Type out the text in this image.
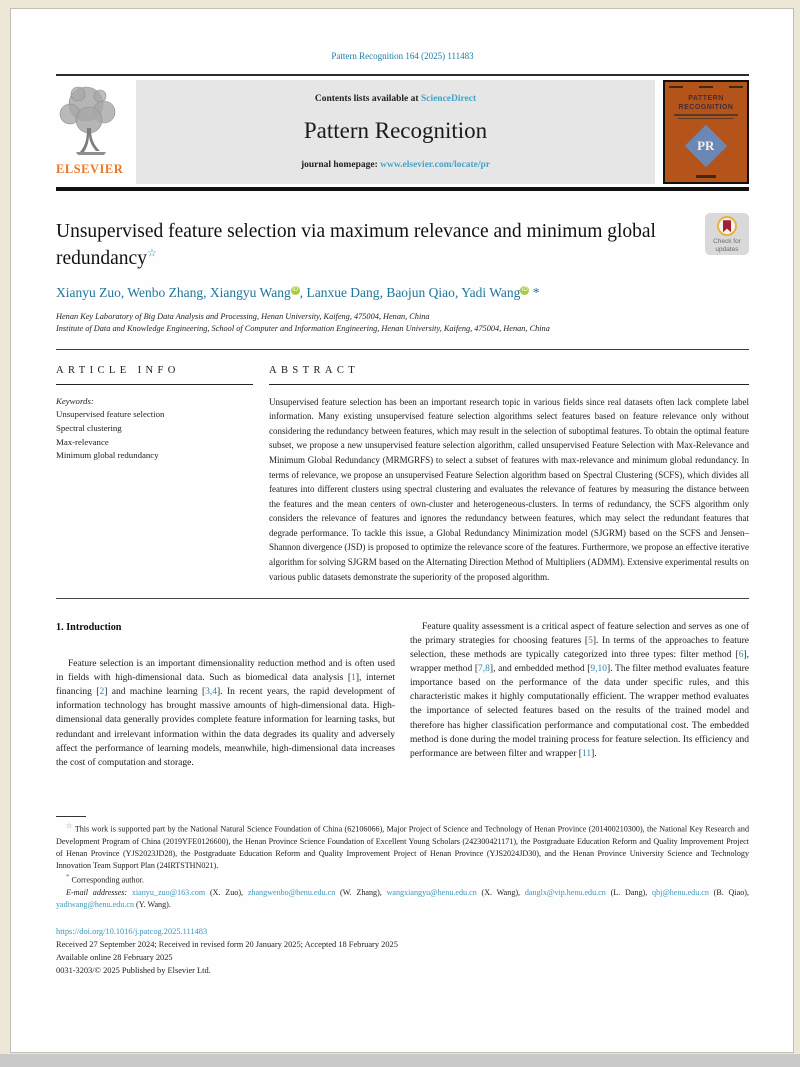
Pattern Recognition 164 (2025) 111483
ELSEVIER
Contents lists available at ScienceDirect
Pattern Recognition
journal homepage: www.elsevier.com/locate/pr
PATTERN RECOGNITION
PR
Unsupervised feature selection via maximum relevance and minimum global redundancy☆
Check for updates
Xianyu Zuo, Wenbo Zhang, Xiangyu Wang iD , Lanxue Dang, Baojun Qiao, Yadi Wang iD *
Henan Key Laboratory of Big Data Analysis and Processing, Henan University, Kaifeng, 475004, Henan, China
Institute of Data and Knowledge Engineering, School of Computer and Information Engineering, Henan University, Kaifeng, 475004, Henan, China
ARTICLE INFO
Keywords:
Unsupervised feature selection
Spectral clustering
Max-relevance
Minimum global redundancy
ABSTRACT
Unsupervised feature selection has been an important research topic in various fields since real datasets often lack complete label information. Many existing unsupervised feature selection algorithms select features based on feature relevance only without considering the redundancy between features, which may result in the selection of suboptimal features. To obtain the optimal feature subset, we propose a new unsupervised feature selection algorithm, called unsupervised Feature Selection with Max-Relevance and Minimum Global Redundancy (MRMGRFS) to select a subset of features with max-relevance and minimum global redundancy. In terms of relevance, we propose an unsupervised Feature Selection algorithm based on Spectral Clustering (SCFS), which divides all features into different clusters using spectral clustering and evaluates the relevance of features by measuring the distance between the features and the mean centers of own-cluster and heterogeneous-clusters. In terms of redundancy, the SCFS algorithm only considers the relevance of features and ignores the redundancy between features, which may select the redundant features that degrade performance. To tackle this issue, a Global Redundancy Minimization model (SJGRM) based on the SCFS and Jensen–Shannon divergence (JSD) is proposed to optimize the relevance score of the features. Furthermore, we propose an effective iterative algorithm for solving SJGRM based on the Alternating Direction Method of Multipliers (ADMM). Extensive experimental results on various public datasets demonstrate the superiority of the proposed algorithm.
1. Introduction

Feature selection is an important dimensionality reduction method and is often used in fields with high-dimensional data. Such as biomedical data analysis [1], internet financing [2] and machine learning [3,4]. In recent years, the rapid development of information technology has brought massive amounts of high-dimensional data. High-dimensional data generally provides complete feature information for learning tasks, but redundant and irrelevant information within the data degrades its quality and adversely affect the performance of learning models, meanwhile, high-dimensional data increases the cost of computation and storage.

Feature quality assessment is a critical aspect of feature selection and serves as one of the primary strategies for choosing features [5]. In terms of the approaches to feature selection, these methods are typically categorized into three types: filter method [6], wrapper method [7,8], and embedded method [9,10]. The filter method evaluates feature importance based on the performance of the data under specific rules, and this characteristic makes it highly computationally efficient. The wrapper method evaluates the importance of selected features based on the results of the trained model and therefore has higher classification performance and computational cost. The embedded method is done during the model training process for feature selection. Its efficiency and performance are between filter and wrapper [11].

☆ This work is supported part by the National Natural Science Foundation of China (62106066), Major Project of Science and Technology of Henan Province (201400210300), the National Key Research and Development Program of China (2019YFE0126600), the Henan Province Science Foundation of Excellent Young Scholars (242300421171), the Postgraduate Education Reform and Quality Improvement Project of Henan Province (YJS2023JD28), the Postgraduate Education Reform and Quality Improvement Project of Henan Province (YJS2024JD30), and the Henan Province University Science and Technology Innovation Team Support Plan (24IRTSTHN021).

* Corresponding author.

E-mail addresses: xianyu_zuo@163.com (X. Zuo), zhangwenbo@henu.edu.cn (W. Zhang), wangxiangyu@henu.edu.cn (X. Wang), danglx@vip.henu.edu.cn (L. Dang), qbj@henu.edu.cn (B. Qiao), yadiwang@henu.edu.cn (Y. Wang).

https://doi.org/10.1016/j.patcog.2025.111483
Received 27 September 2024; Received in revised form 20 January 2025; Accepted 18 February 2025
Available online 28 February 2025
0031-3203/© 2025 Published by Elsevier Ltd.
